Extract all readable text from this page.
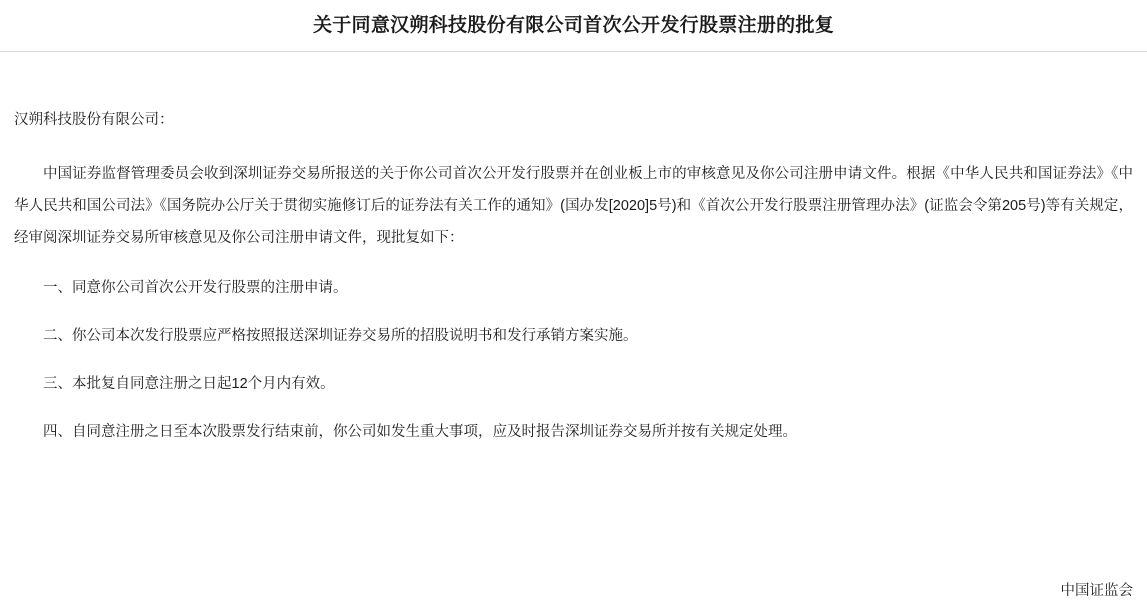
关于同意汉朔科技股份有限公司首次公开发行股票注册的批复
汉朔科技股份有限公司：
中国证券监督管理委员会收到深圳证券交易所报送的关于你公司首次公开发行股票并在创业板上市的审核意见及你公司注册申请文件。根据《中华人民共和国证券法》《中华人民共和国公司法》《国务院办公厅关于贯彻实施修订后的证券法有关工作的通知》(国办发[2020]5号)和《首次公开发行股票注册管理办法》(证监会令第205号)等有关规定，经审阅深圳证券交易所审核意见及你公司注册申请文件，现批复如下：
一、同意你公司首次公开发行股票的注册申请。
二、你公司本次发行股票应严格按照报送深圳证券交易所的招股说明书和发行承销方案实施。
三、本批复自同意注册之日起12个月内有效。
四、自同意注册之日至本次股票发行结束前，你公司如发生重大事项，应及时报告深圳证券交易所并按有关规定处理。
中国证监会
